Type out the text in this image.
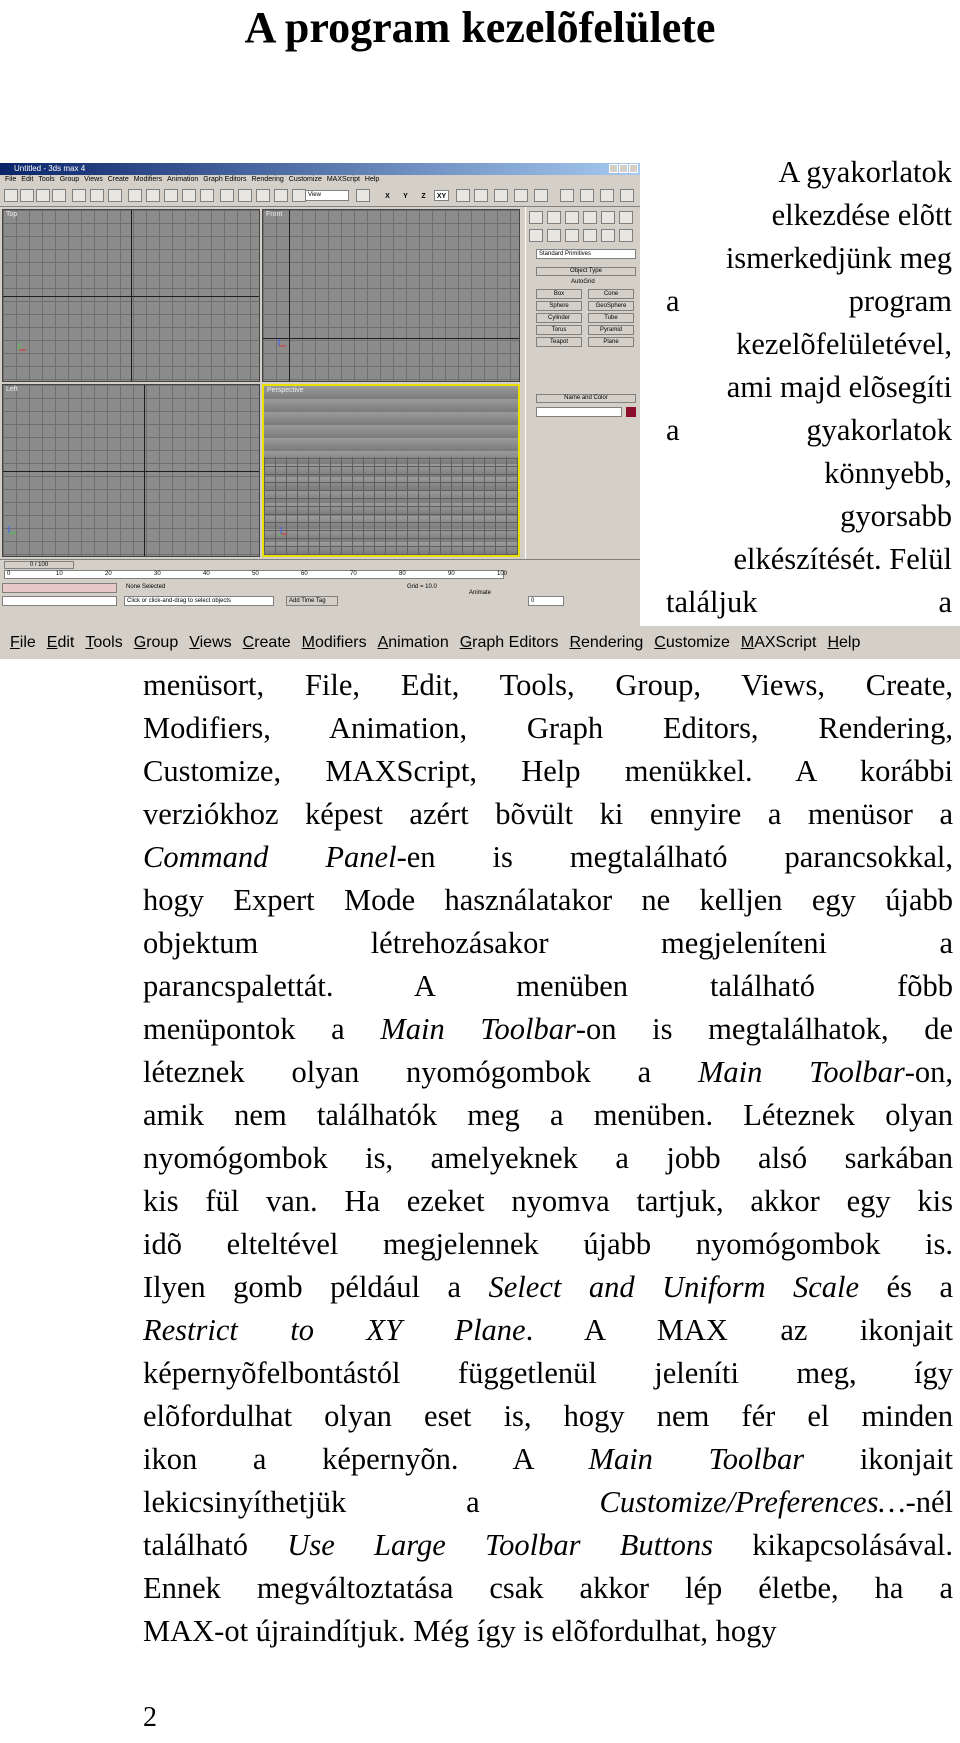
A program kezelõfelülete
Untitled - 3ds max 4
File Edit Tools Group Views Create Modifiers Animation Graph Editors Rendering Customize MAXScript Help
View	X Y Z XY
Top	Front
Left	Perspective
Standard Primitives
Object Type
AutoGrid
Box	Cone
Sphere	GeoSphere
Cylinder	Tube
Torus	Pyramid
Teapot	Plane
Name and Color
0 / 100
0	10	20	30	40	50	60	70	80	90	100
None Selected
Click or click-and-drag to select objects	Add Time Tag
Grid = 10.0
Animate
0
File Edit Tools Group Views Create Modifiers Animation Graph Editors Rendering Customize MAXScript Help
A gyakorlatok
elkezdése elõtt
ismerkedjünk meg
a program
kezelõfelületével,
ami majd elõsegíti
a gyakorlatok
könnyebb,
gyorsabb
elkészítését. Felül
találjuk a
menüsort, File, Edit, Tools, Group, Views, Create,
Modifiers, Animation, Graph Editors, Rendering,
Customize, MAXScript, Help menükkel. A korábbi
verziókhoz képest azért bõvült ki ennyire a menüsor a
Command Panel-en is megtalálható parancsokkal,
hogy Expert Mode használatakor ne kelljen egy újabb
objektum létrehozásakor megjeleníteni a
parancspalettát. A menüben található fõbb
menüpontok a Main Toolbar-on is megtalálhatok, de
léteznek olyan nyomógombok a Main Toolbar-on,
amik nem találhatók meg a menüben. Léteznek olyan
nyomógombok is, amelyeknek a jobb alsó sarkában
kis fül van. Ha ezeket nyomva tartjuk, akkor egy kis
idõ elteltével megjelennek újabb nyomógombok is.
Ilyen gomb például a Select and Uniform Scale és a
Restrict to XY Plane. A MAX az ikonjait
képernyõfelbontástól függetlenül jeleníti meg, így
elõfordulhat olyan eset is, hogy nem fér el minden
ikon a képernyõn. A Main Toolbar ikonjait
lekicsinyíthetjük a Customize/Preferences…-nél
található Use Large Toolbar Buttons kikapcsolásával.
Ennek megváltoztatása csak akkor lép életbe, ha a
MAX-ot újraindítjuk. Még így is elõfordulhat, hogy
2
